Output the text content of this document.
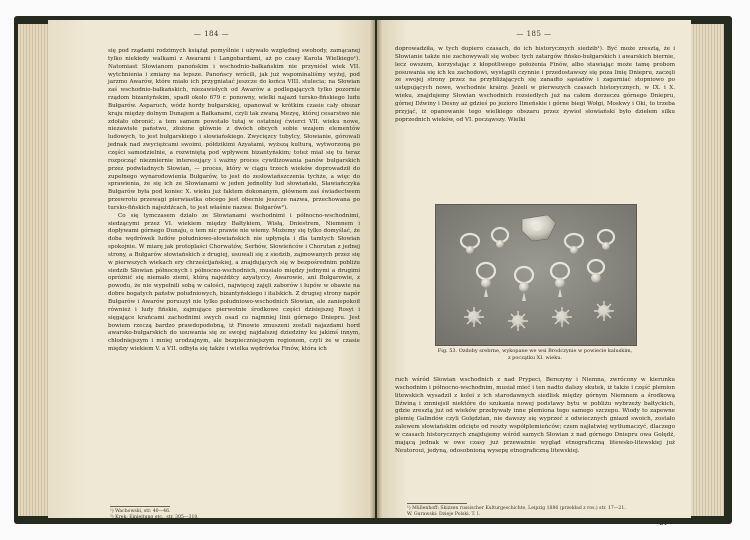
— 184 —

się pod rządami rodzimych książąt pomyślnie i używało względnej swobody, zamącanej tylko niekiedy walkami z Awarami i Langobardami, aż po czasy Karola Wielkiego¹). Natomiast Słowianom panońskim i wschodnio-bałkańskim nie przyniósł wiek VII. wytchnienia i zmiany na lepsze. Panońscy wrócili, jak już wspominaliśmy wyżej, pod jarzmo Awarów, które miało ich przygniatać jeszcze do końca VIII. stulecia; na Słowian zaś wschodnio-bałkańskich, niezawisłych od Awarów a podlegających tylko pozornie rządom bizantyńskim, spadł około 679 r. ponowny, wielki najazd tursko-fińskiego ludu Bułgarów. Asparuch, wódz hordy bułgarskiej, opanował w krótkim czasie cały obszar kraju między dolnym Dunajem a Bałkanami, czyli tak zwaną Mezyę, której cesarstwo nie zdołało obronić; a tem samem powstało tutaj w ostatniej ćwierci VII. wieku nowe, niezawisłe państwo, złożone głównie z dwóch obcych sobie wzajem elementów ludowych, to jest bułgarskiego i słowiańskiego. Zwycięzcy tubylcy, Słowianie, górowali jednak nad zwyciężcami swoimi, półdzikimi Azyatami, wyższą kulturą, wytworzoną po części samodzielnie, a rozwiniętą pod wpływem bizantyńskim; toteż miał się tu teraz rozpocząć niezmiernie interesujący i ważny proces cywilizowania panów bułgarskich przez podwładnych Słowian, — proces, który w ciągu trzech wieków doprowadził do zupełnego wynarodowienia Bułgarów, to jest do zesłowiańszczenia tychże, a więc do sprawienia, że się ich ze Słowianami w jeden jednolity lud słowiański, Sławiańczyka Bułgarów była pod koniec X. wieku już faktem dokonanym, głównem zaś świadectwem przewrotu przewagi pierwiastka obcego jest obecnie jeszcze nazwa, przechowana po tursko-fińskich najeźdźcach, to jest właśnie nazwa: Bułgarów²).

Co się tymczasem działo ze Słowianami wschodnimi i północno-wschodnimi, siedzącymi przez VI. wiekiem między Bałtykiem, Wisłą, Dniestrem, Niemnem i dopływami górnego Dunaju, o tem nic prawie nie wiemy. Możemy się tylko domyślać, że doba wędrówek ludów południowo-słowiańskich nie upłynęła i dla tamtych Słowian spokojnie. W miarę jak protoplaści Chorwatów, Serbów, Słowieńców i Chorutan z jednej strony, a Bułgarów słowiańskich z drugiej, usuwali się z siedzib, zajmowanych przez się w pierwszych wiekach ery chrześcijańskiej, a znajdujących się w bezpośrednim pobliżu siedzib Słowian północnych i północno-wschodnich, musiało między jednymi a drugimi opróżnić się niemało ziemi, którą najeźdźcy azyatyccy, Awarowie, ani Bułgarowie, z powodu, że nie wypełnili sobą w całości, najwięcej zajęli zaborów i łupów w obawie na dobre bogatych państw południowych, bizantyńskiego i italskich. Z drugiej strony napór Bułgarów i Awarów poruszył nie tylko południowo-wschodnich Słowian, ale zaniepokoił również i ludy fińskie, zajmujące pierwotnie środkowe części dzisiejszej Rosyi i sięgające krańcami zachodnimi swych osad co najmniej linii górnego Dniepru. Jest bowiem rzeczą bardzo prawdopodobną, iż Finowie zmuszeni zostali najazdami hord awarsko-bułgarskich do usuwania się ze swojej najdalszej dziedziny ku jakimś innym, chłodniejszym i mniej urodzajnym, ale bezpieczniejszym regionom, czyli że w czasie między wiekiem V. a VII. odbyła się także i wielka wędrówka Finów, która ich

¹) Wachowski, str. 40—46.
²) Krek: Einleitung etc., str. 305—310.
— 185 —

doprowadziła, w tych dopiero czasach, do ich historycznych siedzib¹). Być może zresztą, że i Słowianie także nie zachowywali się wobec tych zatargów fińsko-bułgarskich i awarskich biernie, lecz owszem, korzystając z kłopotliwego położenia Finów, albo stawiając może tamę probom posuwania się ich ku zachodowi, wystąpili czynnie i przedostawszy się poza linię Dniepru, zaczęli ze swojej strony przez na przybliżających się zanadto sąsiadów i zagarniać stopniowo po ustępujących nowe, wschodnie krainy. Jeżeli w pierwszych czasach historycznych, w IX. i X. wieku, znajdujemy Słowian wschodnich rozsiedłych już na całem dorzeczu górnego Dniepru, górnej Dźwiny i Desny aż gdzieś po jezioro Ilmeńskie i górne biegi Wołgi, Moskwy i Oki, to trzeba przyjąć, iż opanowanie tego wielkiego obszaru przez żywioł słowiański było dziełem silku poprzednich wieków, od VI. począwszy. Wielki

Fig. 53. Ozdoby srebrne, wykopane we wsi Brodczynie w powiecie kaluskim, z początku XI. wieku.

ruch wśród Słowian wschodnich z nad Prypeci, Berezyny i Niemna, zwrócony w kierunku wschodnim i północno-wschodnim, musiał mieć i ten nadto dalszy skutek, iż także i część plemion litewskich wysadził z kolei z ich starodawnych siedlisk między górnym Niemnem a środkową Dźwiną i zmniejsił niektóre do szukania nowej podstawy bytu w pobliżu wybrzeży bałtyckich, gdzie zresztą już od wieków przebywały inne plemiona tego samego szczepu. Wiody to zapewne plemię Galindów czyli Golędzian, nie dawszy się wyprzeć z odwiecznych gniazd swoich, zostało zalewem słowiańskim odcięte od reszty współplemieńców; czem najłatwiej wytłumaczyć, dlaczego w czasach historycznych znajdujemy wśród samych Słowian z nad górnego Dniepru owa Golędź, mającą jednak w owe czasy już przeważnie wygląd etnograficzną litewsko-litewskiej już Neutoroui, jedyną, odosobnioną wysepę etnograficzną litewskiej.

¹) Müllenhoff: Skizzen russischer Kulturgeschichte, Leipzig 1886 (przekład z ros.) str. 17—21.
W. Gurawski: Dzieje Polski. T. I.
24
